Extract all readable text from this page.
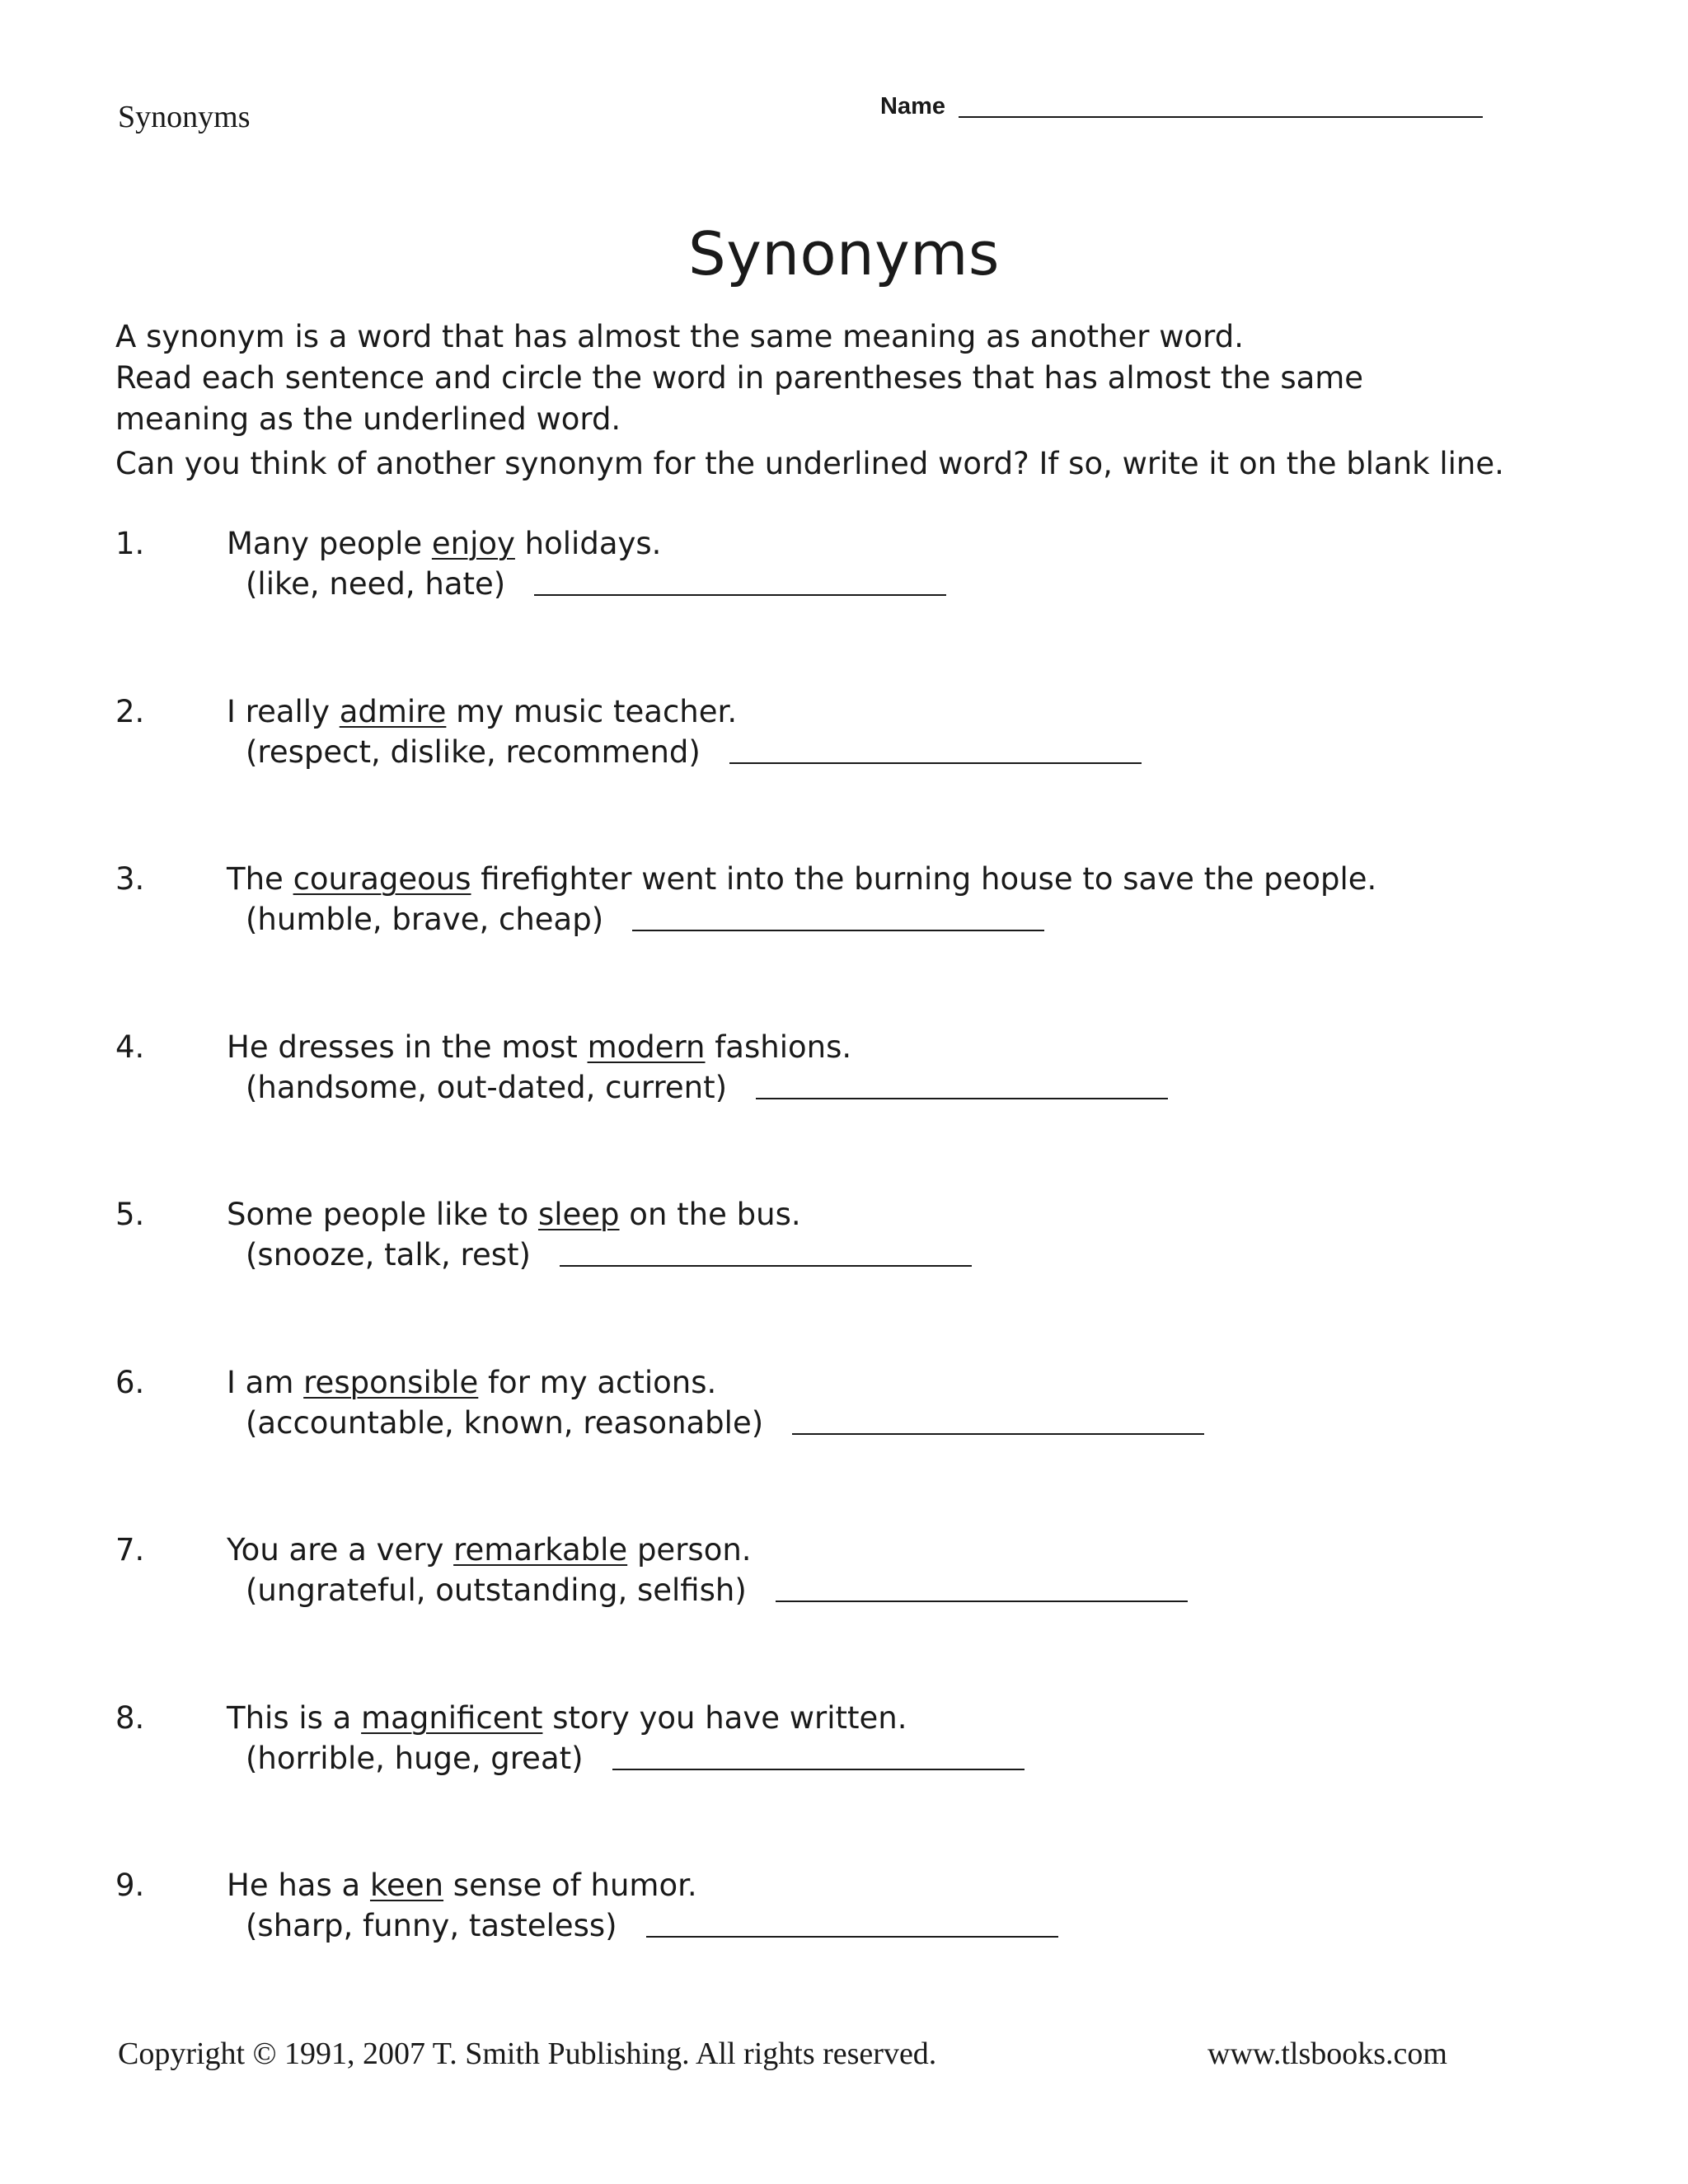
Synonyms	Name
Synonyms

A synonym is a word that has almost the same meaning as another word.

Read each sentence and circle the word in parentheses that has almost the same

meaning as the underlined word.

Can you think of another synonym for the underlined word? If so, write it on the blank line.

1.	Many people enjoy holidays.
(like, need, hate)
2.	I really admire my music teacher.
(respect, dislike, recommend)
3.	The courageous firefighter went into the burning house to save the people.
(humble, brave, cheap)
4.	He dresses in the most modern fashions.
(handsome, out-dated, current)
5.	Some people like to sleep on the bus.
(snooze, talk, rest)
6.	I am responsible for my actions.
(accountable, known, reasonable)
7.	You are a very remarkable person.
(ungrateful, outstanding, selfish)
8.	This is a magnificent story you have written.
(horrible, huge, great)
9.	He has a keen sense of humor.
(sharp, funny, tasteless)
Copyright © 1991, 2007 T. Smith Publishing. All rights reserved.	www.tlsbooks.com
